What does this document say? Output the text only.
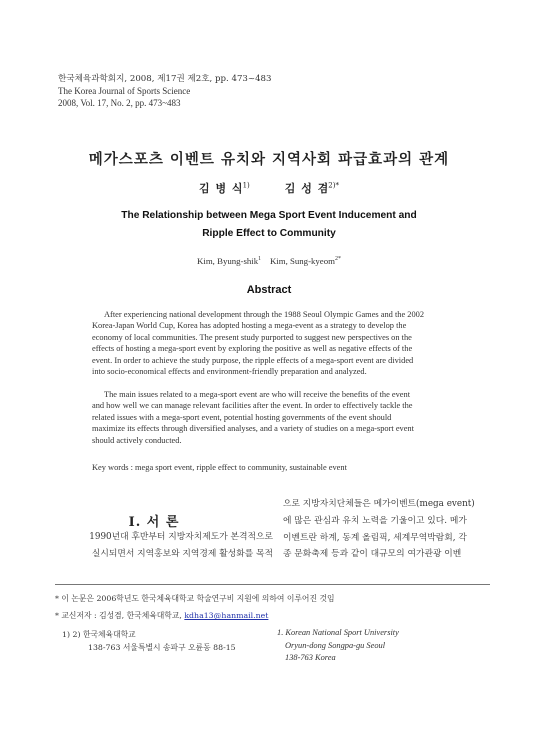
한국체육과학회지, 2008, 제17권 제2호, pp. 473~483
The Korea Journal of Sports Science
2008, Vol. 17, No. 2, pp. 473~483
메가스포츠 이벤트 유치와 지역사회 파급효과의 관계
김 병 식$^{1)}$	김 성 겸$^{2)*}$
The Relationship between Mega Sport Event Inducement and
Ripple Effect to Community
Kim, Byung-shik$^1$ Kim, Sung-kyeom$^{2*}$
Abstract
After experiencing national development through the 1988 Seoul Olympic Games and the 2002
Korea-Japan World Cup, Korea has adopted hosting a mega-event as a strategy to develop the
economy of local communities. The present study purported to suggest new perspectives on the
effects of hosting a mega-sport event by exploring the positive as well as negative effects of the
event. In order to achieve the study purpose, the ripple effects of a mega-sport event are divided
into socio-economical effects and environment-friendly preparation and analyzed.
The main issues related to a mega-sport event are who will receive the benefits of the event
and how well we can manage relevant facilities after the event. In order to effectively tackle the
related issues with a mega-sport event, potential hosting governments of the event should
maximize its effects through diversified analyses, and a variety of studies on a mega-sport event
should actively conducted.
Key words : mega sport event, ripple effect to community, sustainable event
Ⅰ. 서 론
1990년대 후반부터 지방자치제도가 본격적으로
실시되면서 지역홍보와 지역경제 활성화를 목적
으로 지방자치단체들은 메가이벤트(mega event)
에 많은 관심과 유치 노력을 기울이고 있다. 메가
이벤트란 하계, 동계 올림픽, 세계무역박람회, 각
종 문화축제 등과 같이 대규모의 여가관광 이벤
* 이 논문은 2006학년도 한국체육대학교 학술연구비 지원에 의하여 이루어진 것임
* 교신저자 : 김성겸, 한국체육대학교, kdha13@hanmail.net
1) 2) 한국체육대학교
138-763 서울특별시 송파구 오륜동 88-15
1. Korean National Sport University
Oryun-dong Songpa-gu Seoul
138-763 Korea
